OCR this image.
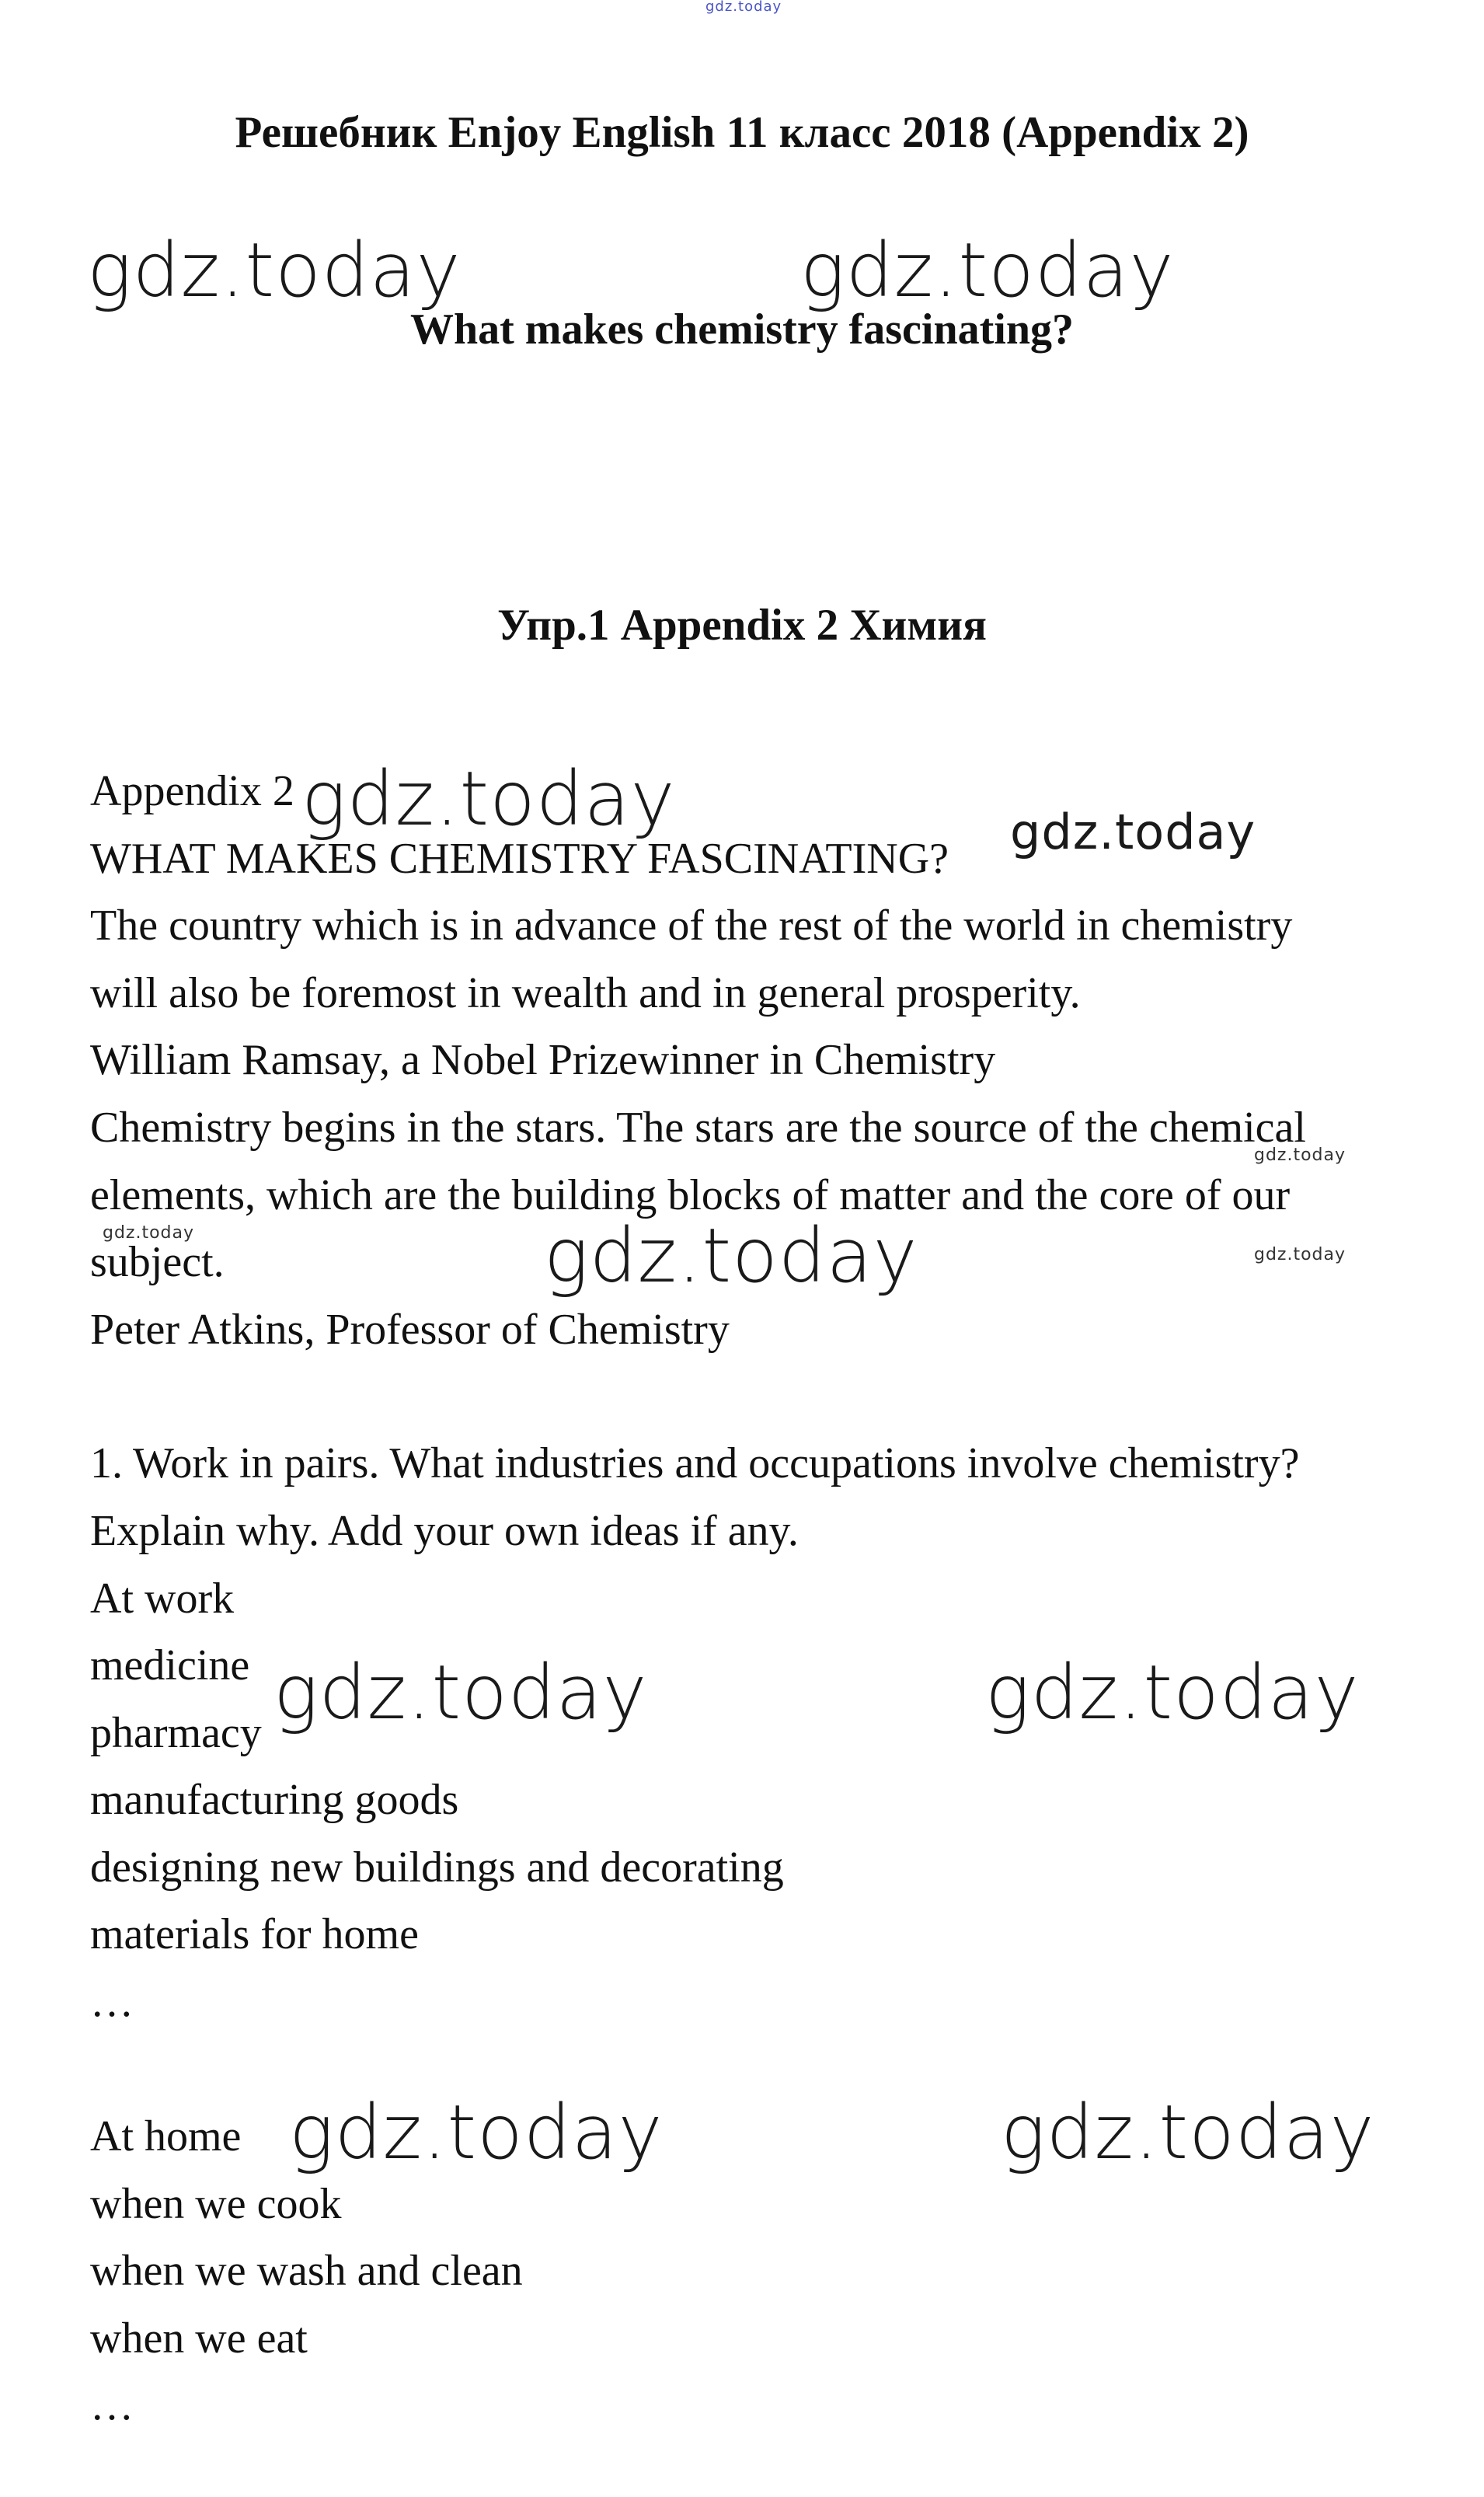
gdz.today
Решебник Enjoy English 11 класс 2018 (Appendix 2)
What makes chemistry fascinating?
Упр.1 Appendix 2 Химия
Appendix 2
WHAT MAKES CHEMISTRY FASCINATING?
The country which is in advance of the rest of the world in chemistry
will also be foremost in wealth and in general prosperity.
William Ramsay, a Nobel Prizewinner in Chemistry
Chemistry begins in the stars. The stars are the source of the chemical
elements, which are the building blocks of matter and the core of our
subject.
Peter Atkins, Professor of Chemistry
1. Work in pairs. What industries and occupations involve chemistry?
Explain why. Add your own ideas if any.
At work
medicine
pharmacy
manufacturing goods
designing new buildings and decorating
materials for home
…
At home
when we cook
when we wash and clean
when we eat
…
gdz.today	gdz.today
gdz.today	gdz.today
gdz.today
gdz.today	gdz.today	gdz.today
gdz.today	gdz.today
gdz.today	gdz.today
